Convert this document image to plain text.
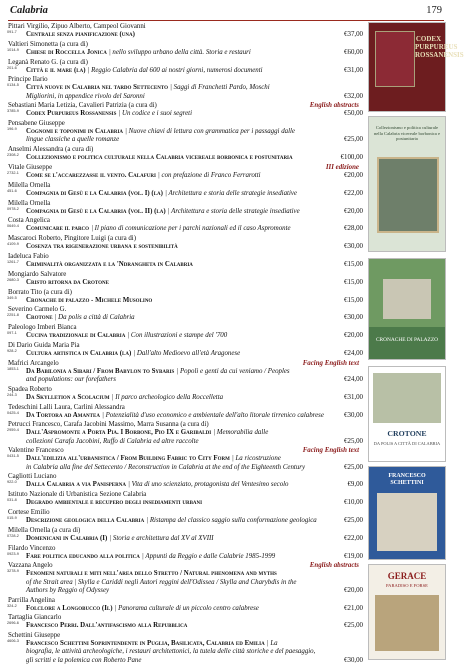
Calabria	179
Pittari Virgilio, Zipuo Alberto, Campeol Giovanni
091-7	Centrale senza pianificazione (una)	€37,00
Valtieri Simonetta (a cura di)
1014-9	Chiese di Roccella Jonica | nello sviluppo urbano della città. Storia e restauri	€60,00
Leganà Renato G. (a cura di)
201-6	Città e il mare (la) | Reggio Calabria dal 600 ai nostri giorni, numerosi documenti	€31,00
Principe Ilario
0134-5	Città nuove in Calabria nel tardo Settecento | Saggi di Franchetti Pardo, Moschi
Migliorini, in appendice rivolo del Saronni	€32,00
Sebastiani Maria Letizia, Cavalieri Patrizia (a cura di)	English abstracts
3785-9	Codex Purpureus Rossanensis | Un codice e i suoi segreti	€50,00
Pensabene Giuseppe
196-9	Cognomi e toponimi in Calabria | Nuove chiavi di lettura con grammatica per i passaggi dalle
lingue classiche a quelle romanze	€25,00
Anselmi Alessandra (a cura di)
2308-2	Collezionismo e politica culturale nella Calabria vicereale borbonica e postunitaria	€100,00
Vitale Giuseppe	III edizione
2732-1	Come se l'accarezzasse il vento. Calafuri | con prefazione di Franco Ferrarotti	€20,00
Milella Ornella
451-6	Compagnia di Gesù e la Calabria (vol. I) (la) | Architettura e storia delle strategie insediative	€22,00
Milella Ornella
0978-2	Compagnia di Gesù e la Calabria (vol. II) (la) | Architettura e storia delle strategie insediative	€20,00
Costa Angelica
0649-4	Comunicare il parco | Il piano di comunicazione per i parchi nazionali ed il caso Aspromonte	€28,00
Mascaroci Roberto, Pingitore Luigi (a cura di)
4109-9	Cosenza tra rigenerazione urbana e sostenibilità	€30,00
Iadeluca Fabio
1261-7	Criminalità organizzata e la 'Ndrangheta in Calabria	€15,00
Mongiardo Salvatore
2680-3	Cristo ritorna da Crotone	€15,00
Borrato Tito (a cura di)
349-5	Cronache di palazzo - Michele Musolino	€15,00
Severino Carmelo G.
2251-8	Crotone | Da polis a città di Calabria	€30,00
Paleologo Imberi Bianca
097-1	Cucina tradizionale di Calabria | Con illustrazioni e stampe del '700	€20,00
Di Dario Guida Maria Pia
928-2	Cultura artistica in Calabria (la) | Dall'alto Medioevo all'età Aragonese	€24,00
Mafrici Arcangelo	Facing English text
1853-1	Da Babilonia a Sibari / From Babylon to Sybaris | Popoli e genti da cui veniamo / Peoples
and populations: our forefathers	€24,00
Spadea Roberto
244-3	Da Skylletion a Scolacium | Il parco archeologico della Roccelletta	€31,00
Tedeschini Lalli Laura, Carlini Alessandra
0425-4	Da Tortora ad Amantea | Potenzialità d'uso economico e ambientale dell'alto litorale tirrenico calabrese	€30,00
Petrucci Francesco, Carafa Jacobini Massimo, Marra Susanna (a cura di)
2959-4	Dall'Aspromonte a Porta Pia. I Borbone, Pio IX e Garibaldi | Memorabilia dalle
collezioni Carafa Jacobini, Ruffo di Calabria ed altre raccolte	€25,00
Valentine Francesco	Facing English text
0431-5	Dall'edilizia all'urbanistica / From Building Fabric to City Form | La ricostruzione
in Calabria alla fine del Settecento / Reconstruction in Calabria at the end of the Eighteenth Century	€25,00
Cagliotti Luciano
922-0	Dalla Calabria a via Panisperna | Vita di uno scienziato, protagonista del Ventesimo secolo	€9,00
Istituto Nazionale di Urbanistica Sezione Calabria
031-8	Degrado ambientale e recupero degli insediamenti urbani	€10,00
Cortese Emilio
015-9	Descrizione geologica della Calabria | Ristampa del classico saggio sulla conformazione geologica	€25,00
Milella Ornella (a cura di)
0728-2	Domenicani in Calabria (I) | Storia e architettura dal XV al XVIII	€22,00
Filardo Vincenzo
0923-9	Fare politica educando alla politica | Appunti da Reggio e dalle Calabrie 1985-1999	€19,00
Vazzana Angelo	English abstracts
3278-9	Fenomeni naturali e miti nell'area dello Stretto / Natural phenomena and myths
of the Strait area | Skylla e Cariddi negli Autori reggini dell'Odissea / Skylla and Charybdis in the
Authors by Reggio of Odyssey	€20,00
Parrilla Angelina
324-2	Folclore a Longobucco (Il) | Panorama culturale di un piccolo centro calabrese	€21,00
Tartaglia Giancarlo
2696-6	Francesco Perri. Dall'antifascismo alla Repubblica	€25,00
Schettini Giuseppe
4606-3	Francesco Schettini Soprintendente in Puglia, Basilicata, Calabria ed Emilia | La
biografia, le attività archeologiche, i restauri architettonici, la tutela delle città storiche e del paesaggio,
gli scritti e la polemica con Roberto Pane	€30,00
CODEX PURPUREUS ROSSANENSIS
Collezionismo e politica culturale nella Calabria vicereale borbonica e postunitaria
CRONACHE DI PALAZZO
CROTONE
DA POLIS A CITTÀ DI CALABRIA
FRANCESCO SCHETTINI
GERACE
PARADISO E FORSE
